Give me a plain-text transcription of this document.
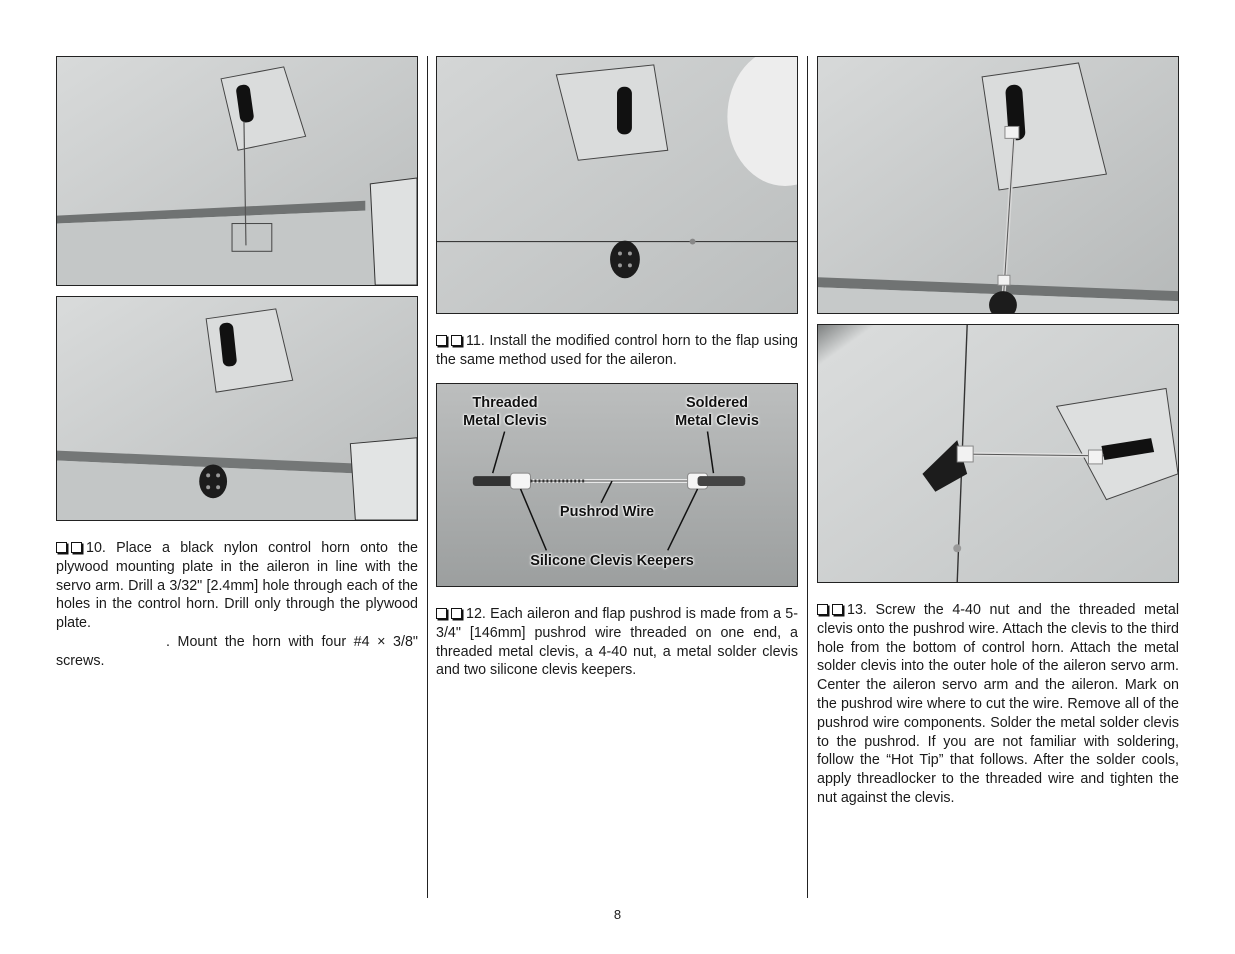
10. Place a black nylon control horn onto the plywood mounting plate in the aileron in line with the servo arm. Drill a 3/32" [2.4mm] hole through each of the holes in the control horn. Drill only through the plywood plate.
. Mount the horn with four #4 × 3/8" screws.

11. Install the modified control horn to the flap using the same method used for the aileron.

Threaded
Metal Clevis
Soldered
Metal Clevis
Pushrod Wire
Silicone Clevis Keepers

12. Each aileron and flap pushrod is made from a 5-3/4" [146mm] pushrod wire threaded on one end, a threaded metal clevis, a 4-40 nut, a metal solder clevis and two silicone clevis keepers.

13. Screw the 4-40 nut and the threaded metal clevis onto the pushrod wire. Attach the clevis to the third hole from the bottom of control horn. Attach the metal solder clevis into the outer hole of the aileron servo arm. Center the aileron servo arm and the aileron. Mark on the pushrod wire where to cut the wire. Remove all of the pushrod wire components. Solder the metal solder clevis to the pushrod. If you are not familiar with soldering, follow the “Hot Tip” that follows. After the solder cools, apply threadlocker to the threaded wire and tighten the nut against the clevis.

8
